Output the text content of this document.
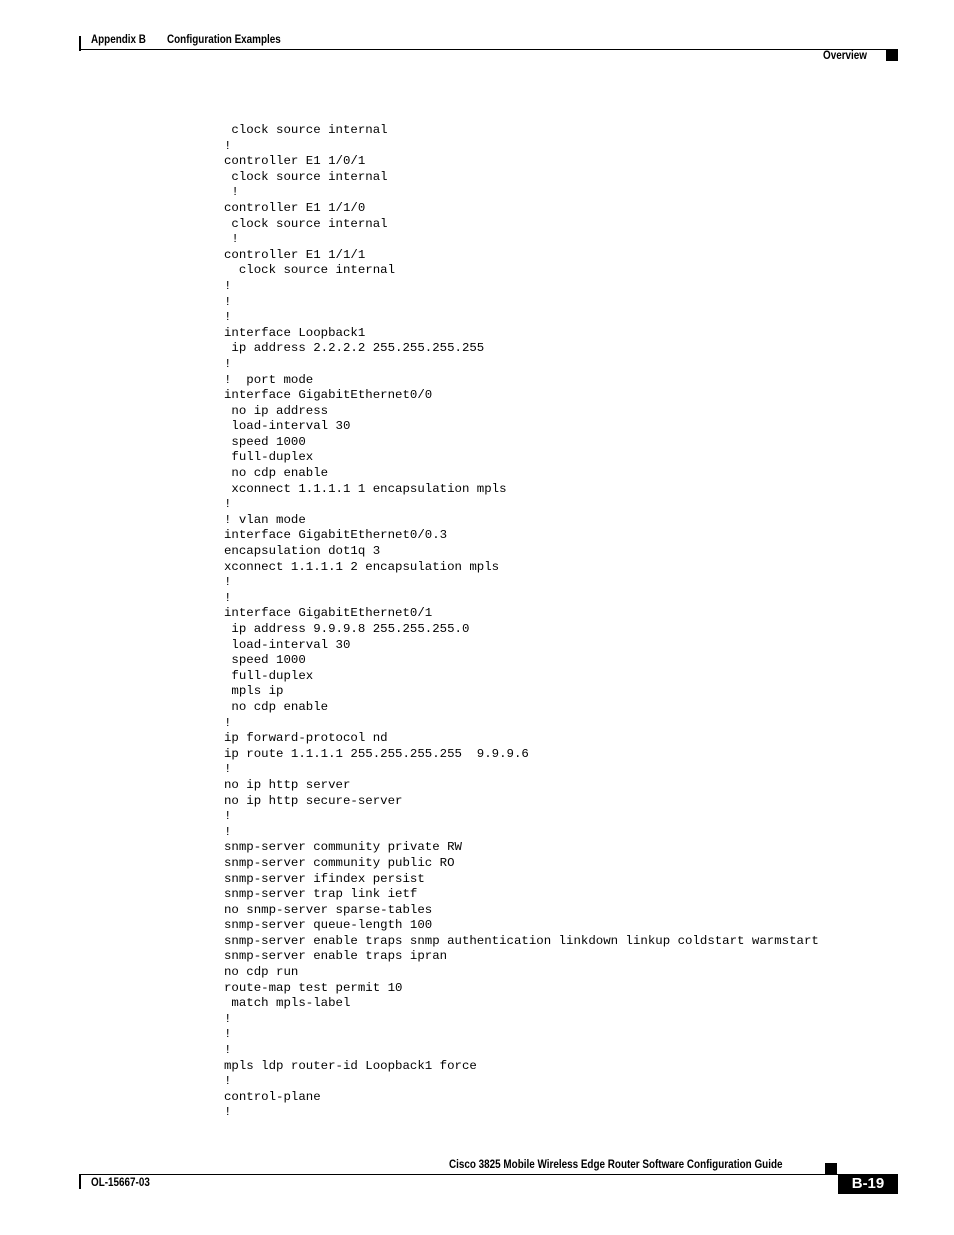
Appendix B Configuration Examples
Overview
clock source internal
!
controller E1 1/0/1
clock source internal
!
controller E1 1/1/0
clock source internal
!
controller E1 1/1/1
clock source internal
!
!
!
interface Loopback1
ip address 2.2.2.2 255.255.255.255
!
!  port mode
interface GigabitEthernet0/0
no ip address
load-interval 30
speed 1000
full-duplex
no cdp enable
xconnect 1.1.1.1 1 encapsulation mpls
!
! vlan mode
interface GigabitEthernet0/0.3
encapsulation dot1q 3
xconnect 1.1.1.1 2 encapsulation mpls
!
!
interface GigabitEthernet0/1
ip address 9.9.9.8 255.255.255.0
load-interval 30
speed 1000
full-duplex
mpls ip
no cdp enable
!
ip forward-protocol nd
ip route 1.1.1.1 255.255.255.255  9.9.9.6
!
no ip http server
no ip http secure-server
!
!
snmp-server community private RW
snmp-server community public RO
snmp-server ifindex persist
snmp-server trap link ietf
no snmp-server sparse-tables
snmp-server queue-length 100
snmp-server enable traps snmp authentication linkdown linkup coldstart warmstart
snmp-server enable traps ipran
no cdp run
route-map test permit 10
match mpls-label
!
!
!
mpls ldp router-id Loopback1 force
!
control-plane
!
Cisco 3825 Mobile Wireless Edge Router Software Configuration Guide
OL-15667-03	B-19
